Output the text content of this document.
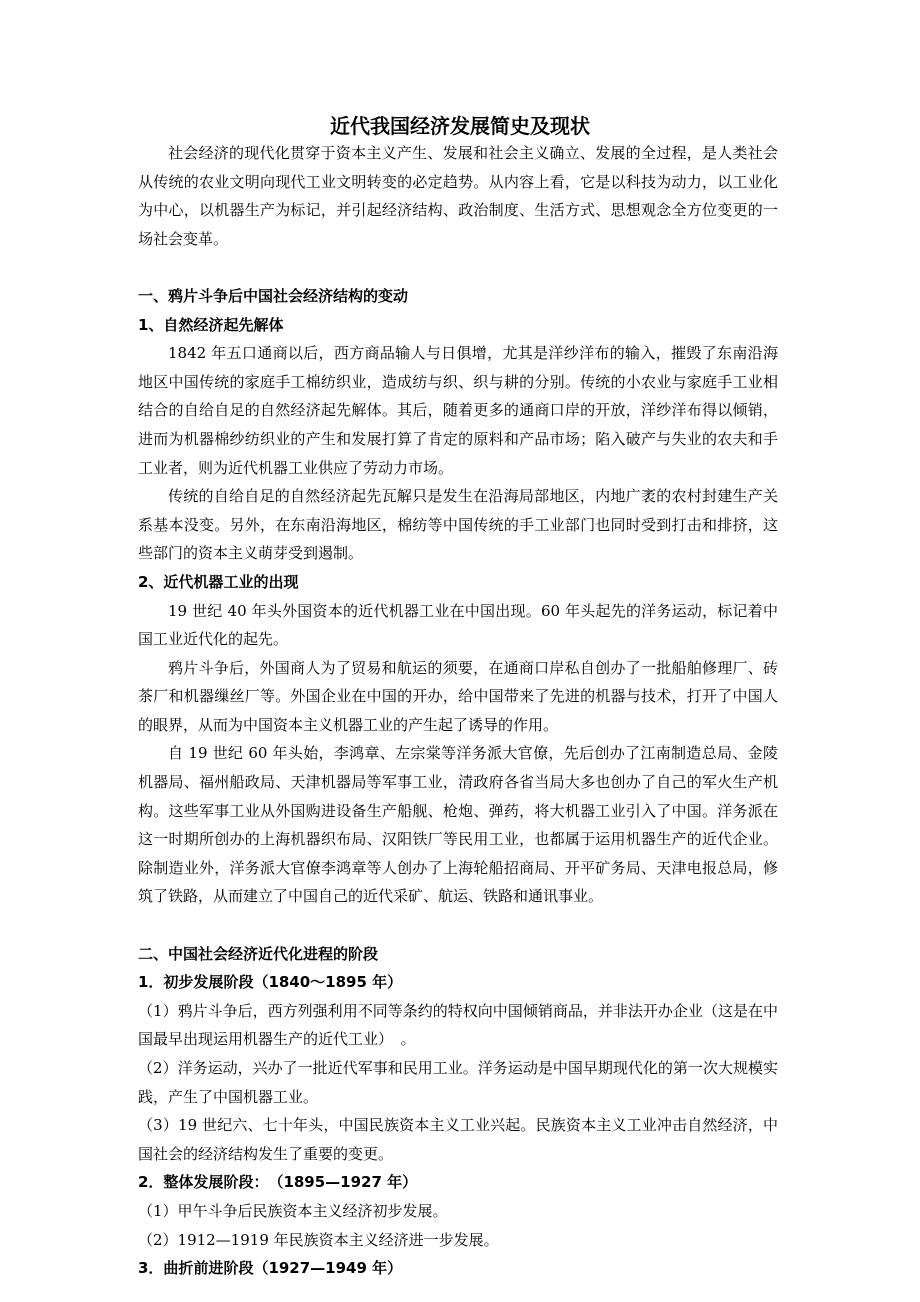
近代我国经济发展简史及现状

社会经济的现代化贯穿于资本主义产生、发展和社会主义确立、发展的全过程，是人类社会从传统的农业文明向现代工业文明转变的必定趋势。从内容上看，它是以科技为动力，以工业化为中心，以机器生产为标记，并引起经济结构、政治制度、生活方式、思想观念全方位变更的一场社会变革。

一、鸦片斗争后中国社会经济结构的变动

1、自然经济起先解体

1842 年五口通商以后，西方商品输人与日俱增，尤其是洋纱洋布的输入，摧毁了东南沿海地区中国传统的家庭手工棉纺织业，造成纺与织、织与耕的分别。传统的小农业与家庭手工业相结合的自给自足的自然经济起先解体。其后，随着更多的通商口岸的开放，洋纱洋布得以倾销，进而为机器棉纱纺织业的产生和发展打算了肯定的原料和产品市场；陷入破产与失业的农夫和手工业者，则为近代机器工业供应了劳动力市场。

传统的自给自足的自然经济起先瓦解只是发生在沿海局部地区，内地广袤的农村封建生产关系基本没变。另外，在东南沿海地区，棉纺等中国传统的手工业部门也同时受到打击和排挤，这些部门的资本主义萌芽受到遏制。

2、近代机器工业的出现

19 世纪 40 年头外国资本的近代机器工业在中国出现。60 年头起先的洋务运动，标记着中国工业近代化的起先。

鸦片斗争后，外国商人为了贸易和航运的须要，在通商口岸私自创办了一批船舶修理厂、砖茶厂和机器缫丝厂等。外国企业在中国的开办，给中国带来了先进的机器与技术，打开了中国人的眼界，从而为中国资本主义机器工业的产生起了诱导的作用。

自 19 世纪 60 年头始，李鸿章、左宗棠等洋务派大官僚，先后创办了江南制造总局、金陵机器局、福州船政局、天津机器局等军事工业，清政府各省当局大多也创办了自己的军火生产机构。这些军事工业从外国购进设备生产船舰、枪炮、弹药，将大机器工业引入了中国。洋务派在这一时期所创办的上海机器织布局、汉阳铁厂等民用工业，也都属于运用机器生产的近代企业。除制造业外，洋务派大官僚李鸿章等人创办了上海轮船招商局、开平矿务局、天津电报总局，修筑了铁路，从而建立了中国自己的近代采矿、航运、铁路和通讯事业。

二、中国社会经济近代化进程的阶段

1．初步发展阶段（1840～1895 年）

（1）鸦片斗争后，西方列强利用不同等条约的特权向中国倾销商品，并非法开办企业（这是在中国最早出现运用机器生产的近代工业）　。

（2）洋务运动，兴办了一批近代军事和民用工业。洋务运动是中国早期现代化的第一次大规模实践，产生了中国机器工业。

（3）19 世纪六、七十年头，中国民族资本主义工业兴起。民族资本主义工业冲击自然经济，中国社会的经济结构发生了重要的变更。

2．整体发展阶段：　（1895—1927 年）

（1）甲午斗争后民族资本主义经济初步发展。

（2）1912—1919 年民族资本主义经济进一步发展。

3．曲折前进阶段（1927—1949 年）
